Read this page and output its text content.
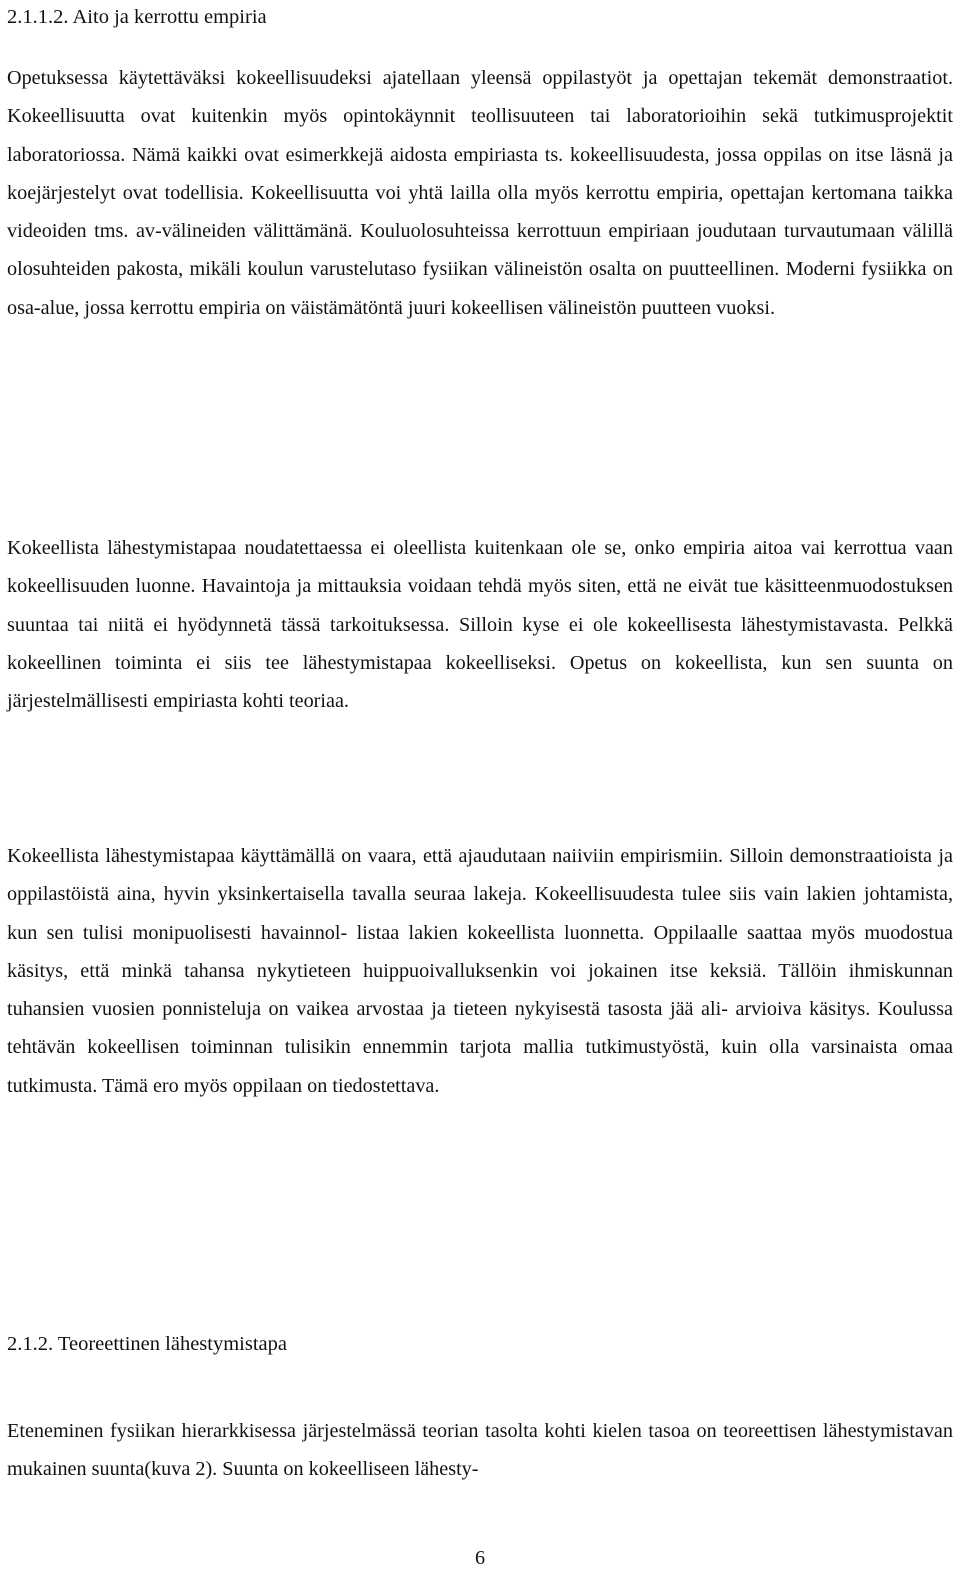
2.1.1.2. Aito ja kerrottu empiria

Opetuksessa käytettäväksi kokeellisuudeksi ajatellaan yleensä oppilastyöt ja opettajan tekemät demonstraatiot. Kokeellisuutta ovat kuitenkin myös opintokäynnit teollisuuteen tai laboratorioihin sekä tutkimusprojektit laboratoriossa. Nämä kaikki ovat esimerkkejä aidosta empiriasta ts. kokeellisuudesta, jossa oppilas on itse läsnä ja koejärjestelyt ovat todellisia. Kokeellisuutta voi yhtä lailla olla myös kerrottu empiria, opettajan kertomana taikka videoiden tms. av-välineiden välittämänä. Kouluolosuhteissa kerrottuun empiriaan joudutaan turvautumaan välillä olosuhteiden pakosta, mikäli koulun varustelutaso fysiikan välineistön osalta on puutteellinen. Moderni fysiikka on osa-alue, jossa kerrottu empiria on väistämätöntä juuri kokeellisen välineistön puutteen vuoksi.

Kokeellista lähestymistapaa noudatettaessa ei oleellista kuitenkaan ole se, onko empiria aitoa vai kerrottua vaan kokeellisuuden luonne. Havaintoja ja mittauksia voidaan tehdä myös siten, että ne eivät tue käsitteenmuodostuksen suuntaa tai niitä ei hyödynnetä tässä tarkoituksessa. Silloin kyse ei ole kokeellisesta lähestymistavasta. Pelkkä kokeellinen toiminta ei siis tee lähestymistapaa kokeelliseksi. Opetus on kokeellista, kun sen suunta on järjestelmällisesti empiriasta kohti teoriaa.

Kokeellista lähestymistapaa käyttämällä on vaara, että ajaudutaan naiiviin empirismiin. Silloin demonstraatioista ja oppilastöistä aina, hyvin yksinkertaisella tavalla seuraa lakeja. Kokeellisuudesta tulee siis vain lakien johtamista, kun sen tulisi monipuolisesti havainnol- listaa lakien kokeellista luonnetta. Oppilaalle saattaa myös muodostua käsitys, että minkä tahansa nykytieteen huippuoivalluksenkin voi jokainen itse keksiä. Tällöin ihmiskunnan tuhansien vuosien ponnisteluja on vaikea arvostaa ja tieteen nykyisestä tasosta jää ali- arvioiva käsitys. Koulussa tehtävän kokeellisen toiminnan tulisikin ennemmin tarjota mallia tutkimustyöstä, kuin olla varsinaista omaa tutkimusta. Tämä ero myös oppilaan on tiedostettava.

2.1.2. Teoreettinen lähestymistapa

Eteneminen fysiikan hierarkkisessa järjestelmässä teorian tasolta kohti kielen tasoa on teoreettisen lähestymistavan mukainen suunta(kuva 2). Suunta on kokeelliseen lähesty-

6
